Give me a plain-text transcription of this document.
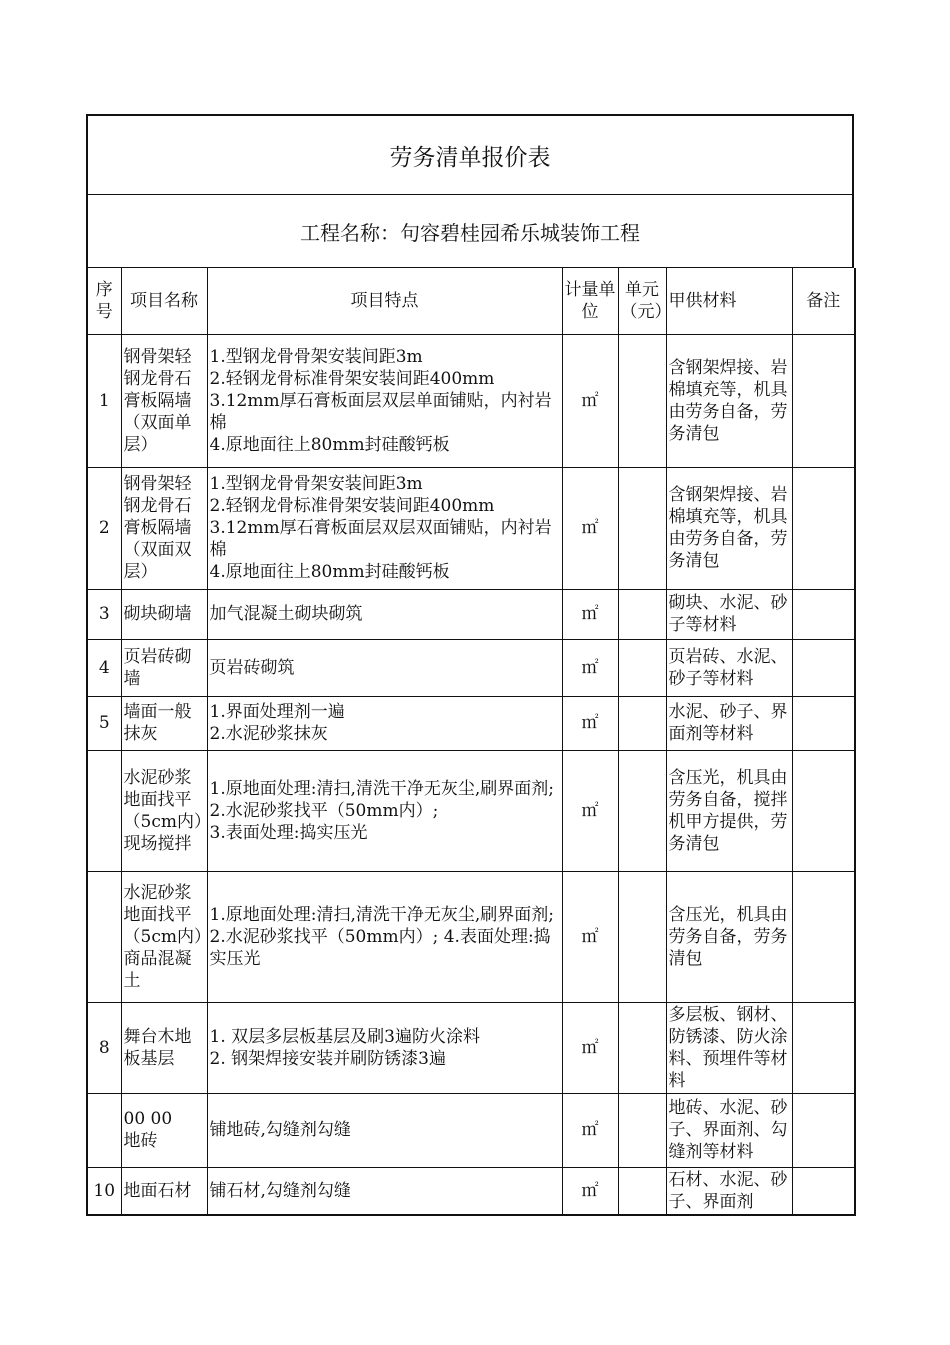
劳务清单报价表
工程名称：句容碧桂园希乐城装饰工程
序号	项目名称	项目特点	计量单位	单元（元）	甲供材料	备注
1	钢骨架轻钢龙骨石膏板隔墙（双面单层）	1.型钢龙骨骨架安装间距3m
2.轻钢龙骨标准骨架安装间距400mm
3.12mm厚石膏板面层双层单面铺贴，内衬岩棉
4.原地面往上80mm封硅酸钙板	㎡		含钢架焊接、岩棉填充等，机具由劳务自备，劳务清包	
2	钢骨架轻钢龙骨石膏板隔墙（双面双层）	1.型钢龙骨骨架安装间距3m
2.轻钢龙骨标准骨架安装间距400mm
3.12mm厚石膏板面层双层双面铺贴，内衬岩棉
4.原地面往上80mm封硅酸钙板	㎡		含钢架焊接、岩棉填充等，机具由劳务自备，劳务清包	
3	砌块砌墙	加气混凝土砌块砌筑	㎡		砌块、水泥、砂子等材料	
4	页岩砖砌墙	页岩砖砌筑	㎡		页岩砖、水泥、砂子等材料	
5	墙面一般抹灰	1.界面处理剂一遍
2.水泥砂浆抹灰	㎡		水泥、砂子、界面剂等材料	
	水泥砂浆地面找平（5cm内）现场搅拌	1.原地面处理:清扫,清洗干净无灰尘,刷界面剂;
2.水泥砂浆找平（50mm内）;
3.表面处理:捣实压光	㎡		含压光，机具由劳务自备，搅拌机甲方提供，劳务清包	
	水泥砂浆地面找平（5cm内）商品混凝土	1.原地面处理:清扫,清洗干净无灰尘,刷界面剂; 2.水泥砂浆找平（50mm内）; 4.表面处理:捣实压光	㎡		含压光，机具由劳务自备，劳务清包	
8	舞台木地板基层	1. 双层多层板基层及刷3遍防火涂料
2. 钢架焊接安装并刷防锈漆3遍	㎡		多层板、钢材、防锈漆、防火涂料、预埋件等材料	
	00 00
地砖	铺地砖,勾缝剂勾缝	㎡		地砖、水泥、砂子、界面剂、勾缝剂等材料	
10	地面石材	铺石材,勾缝剂勾缝	㎡		石材、水泥、砂子、界面剂	
